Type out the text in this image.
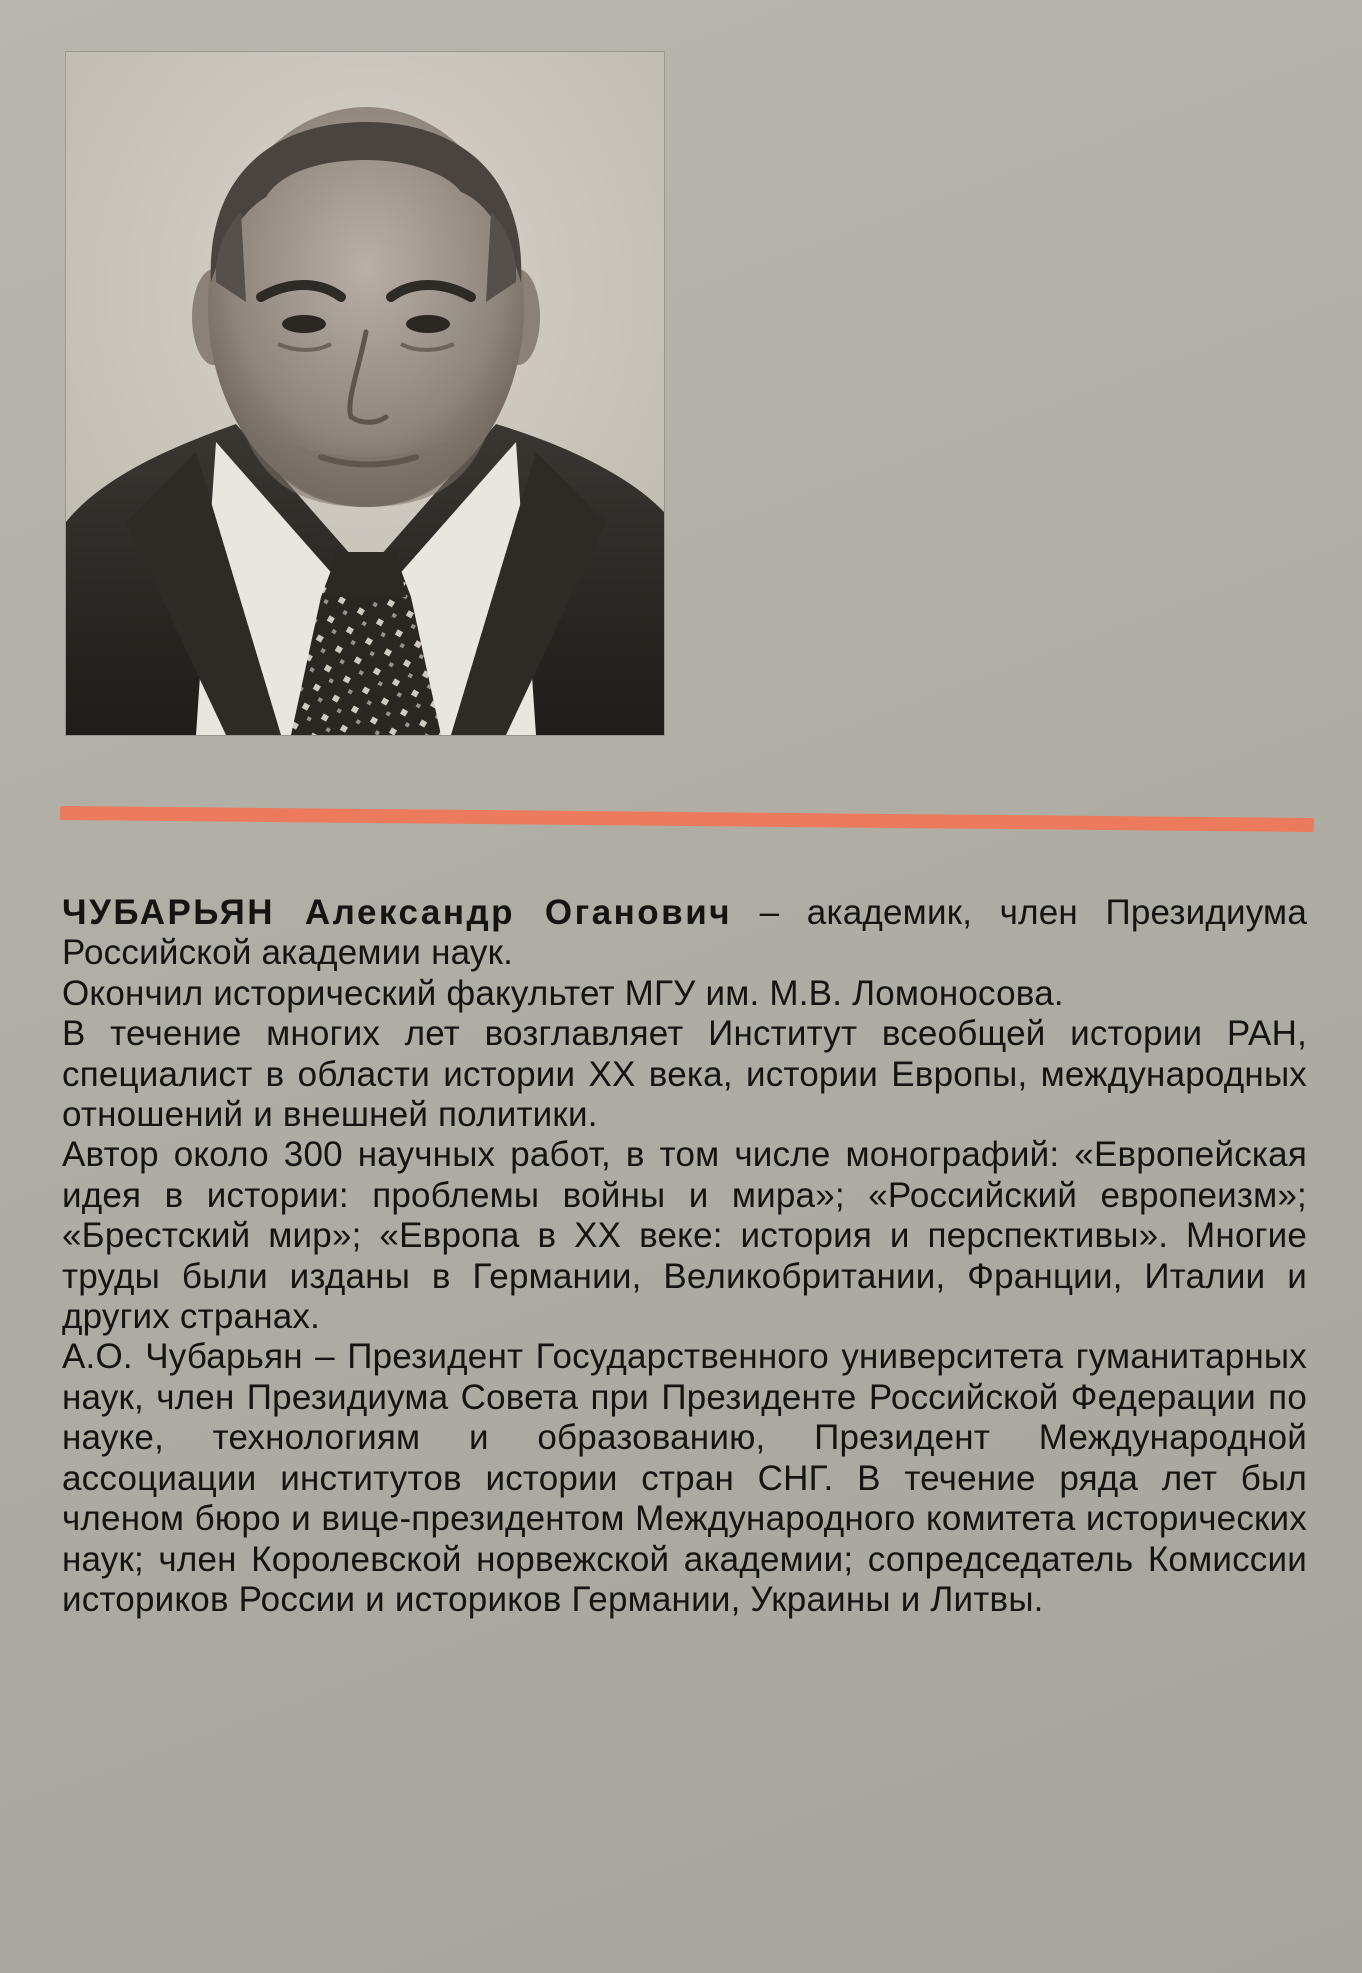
ЧУБАРЬЯН Александр Оганович – академик, член Президиума Российской академии наук.

Окончил исторический факультет МГУ им. М.В. Ломоносова.

В течение многих лет возглавляет Институт всеобщей истории РАН, специалист в области истории XX века, истории Европы, международных отношений и внешней политики.

Автор около 300 научных работ, в том числе монографий: «Европейская идея в истории: проблемы войны и мира»; «Российский европеизм»; «Брестский мир»; «Европа в XX веке: история и перспективы». Многие труды были изданы в Германии, Великобритании, Франции, Италии и других странах.

А.О. Чубарьян – Президент Государственного университета гуманитарных наук, член Президиума Совета при Президенте Российской Федерации по науке, технологиям и образованию, Президент Международной ассоциации институтов истории стран СНГ. В течение ряда лет был членом бюро и вице-президентом Международного комитета исторических наук; член Королевской норвежской академии; сопредседатель Комиссии историков России и историков Германии, Украины и Литвы.
